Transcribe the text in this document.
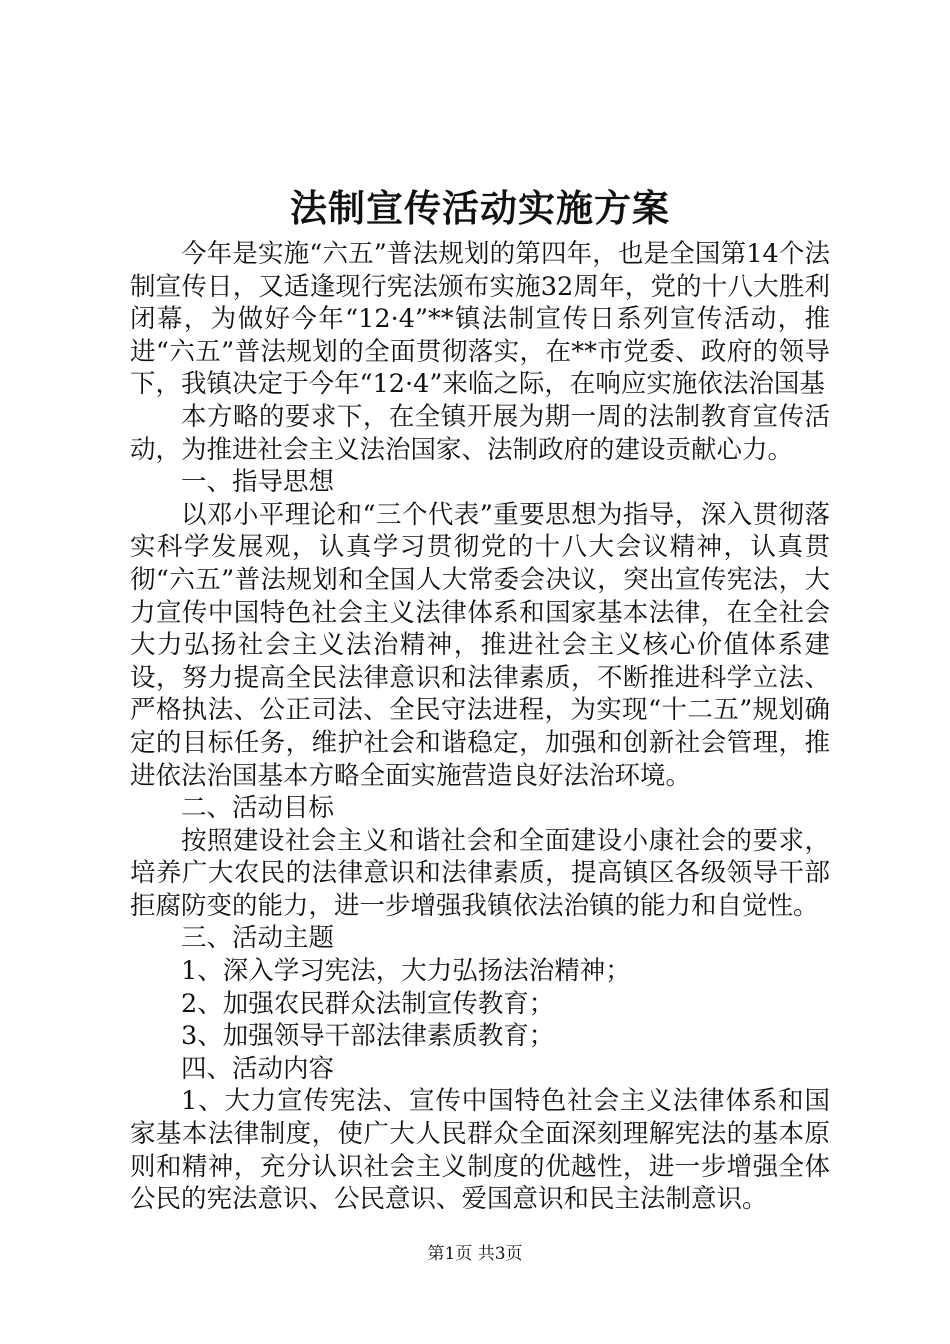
法制宣传活动实施方案

今年是实施“六五”普法规划的第四年，也是全国第14个法制宣传日，又适逢现行宪法颁布实施32周年，党的十八大胜利闭幕，为做好今年“12·4”**镇法制宣传日系列宣传活动，推进“六五”普法规划的全面贯彻落实，在**市党委、政府的领导下，我镇决定于今年“12·4”来临之际，在响应实施依法治国基

本方略的要求下，在全镇开展为期一周的法制教育宣传活动，为推进社会主义法治国家、法制政府的建设贡献心力。

一、指导思想

以邓小平理论和“三个代表”重要思想为指导，深入贯彻落实科学发展观，认真学习贯彻党的十八大会议精神，认真贯彻“六五”普法规划和全国人大常委会决议，突出宣传宪法，大力宣传中国特色社会主义法律体系和国家基本法律，在全社会大力弘扬社会主义法治精神，推进社会主义核心价值体系建设，努力提高全民法律意识和法律素质，不断推进科学立法、严格执法、公正司法、全民守法进程，为实现“十二五”规划确定的目标任务，维护社会和谐稳定，加强和创新社会管理，推进依法治国基本方略全面实施营造良好法治环境。

二、活动目标

按照建设社会主义和谐社会和全面建设小康社会的要求，培养广大农民的法律意识和法律素质，提高镇区各级领导干部拒腐防变的能力，进一步增强我镇依法治镇的能力和自觉性。

三、活动主题

1、深入学习宪法，大力弘扬法治精神；

2、加强农民群众法制宣传教育；

3、加强领导干部法律素质教育；

四、活动内容

1、大力宣传宪法、宣传中国特色社会主义法律体系和国家基本法律制度，使广大人民群众全面深刻理解宪法的基本原则和精神，充分认识社会主义制度的优越性，进一步增强全体公民的宪法意识、公民意识、爱国意识和民主法制意识。

第1页 共3页
